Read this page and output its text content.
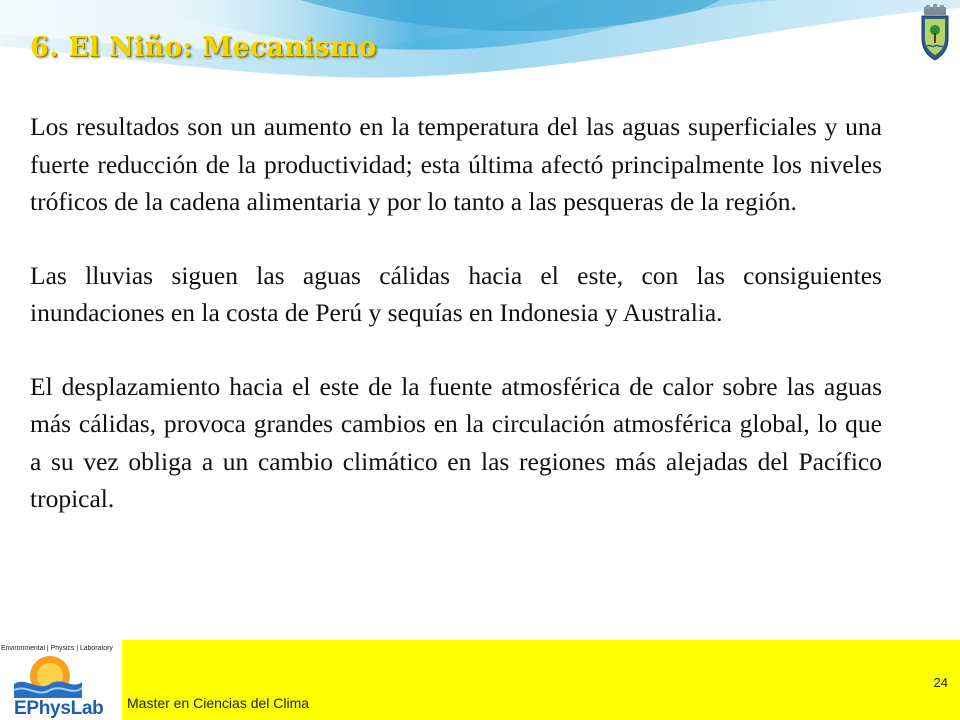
6. El Niño: Mecanismo

Los resultados son un aumento en la temperatura del las aguas superficiales y una fuerte reducción de la productividad; esta última afectó principalmente los niveles tróficos de la cadena alimentaria y por lo tanto a las pesqueras de la región.

Las lluvias siguen las aguas cálidas hacia el este, con las consiguientes inundaciones en la costa de Perú y sequías en Indonesia y Australia.

El desplazamiento hacia el este de la fuente atmosférica de calor sobre las aguas más cálidas, provoca grandes cambios en la circulación atmosférica global, lo que a su vez obliga a un cambio climático en las regiones más alejadas del Pacífico tropical.

Environmental | Physics | Laboratory
EPhysLab Master en Ciencias del Clima
24
